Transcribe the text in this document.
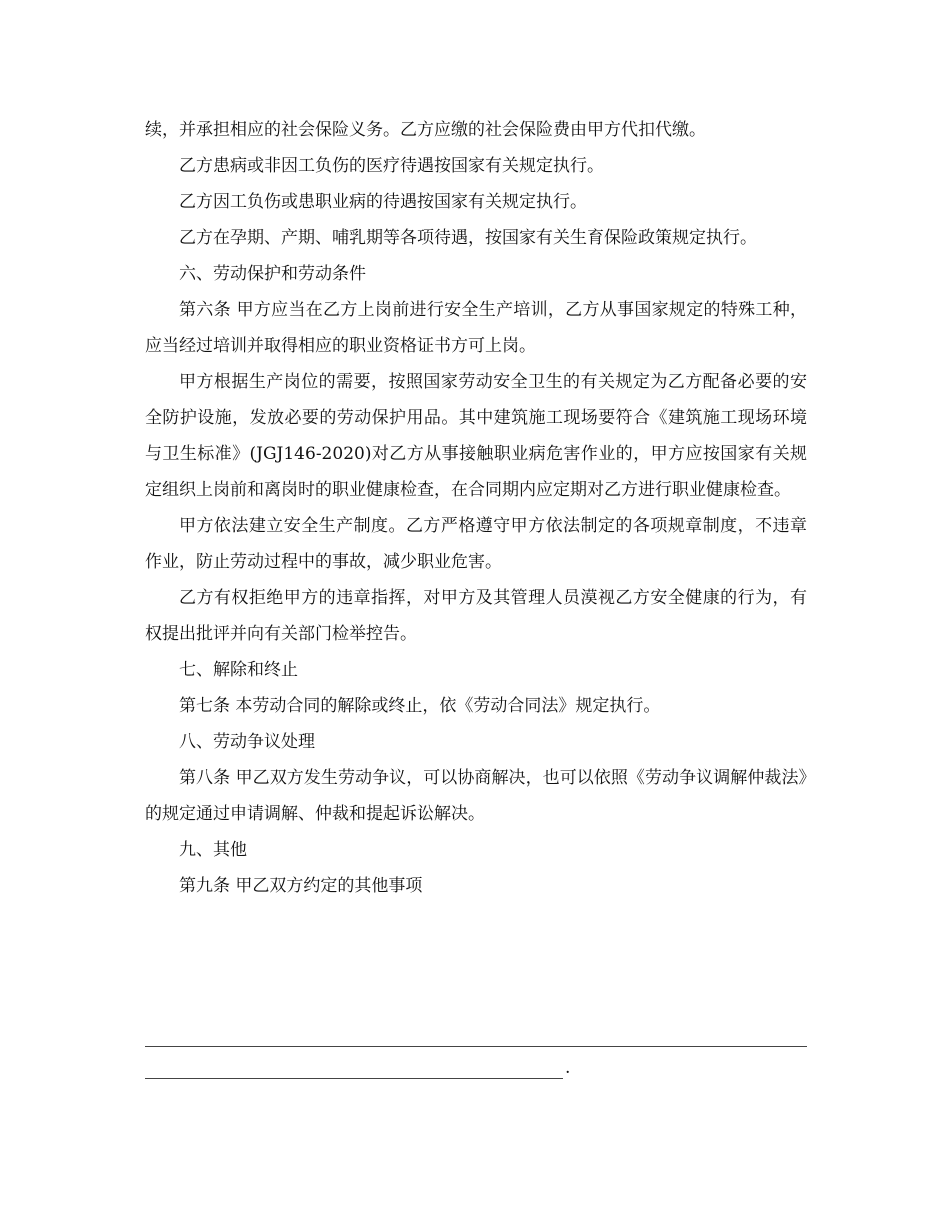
续，并承担相应的社会保险义务。乙方应缴的社会保险费由甲方代扣代缴。

乙方患病或非因工负伤的医疗待遇按国家有关规定执行。

乙方因工负伤或患职业病的待遇按国家有关规定执行。

乙方在孕期、产期、哺乳期等各项待遇，按国家有关生育保险政策规定执行。

六、劳动保护和劳动条件

第六条 甲方应当在乙方上岗前进行安全生产培训，乙方从事国家规定的特殊工种，应当经过培训并取得相应的职业资格证书方可上岗。

甲方根据生产岗位的需要，按照国家劳动安全卫生的有关规定为乙方配备必要的安全防护设施，发放必要的劳动保护用品。其中建筑施工现场要符合《建筑施工现场环境与卫生标准》(JGJ146-2020)对乙方从事接触职业病危害作业的，甲方应按国家有关规定组织上岗前和离岗时的职业健康检查，在合同期内应定期对乙方进行职业健康检查。

甲方依法建立安全生产制度。乙方严格遵守甲方依法制定的各项规章制度，不违章作业，防止劳动过程中的事故，减少职业危害。

乙方有权拒绝甲方的违章指挥，对甲方及其管理人员漠视乙方安全健康的行为，有权提出批评并向有关部门检举控告。

七、解除和终止

第七条 本劳动合同的解除或终止，依《劳动合同法》规定执行。

八、劳动争议处理

第八条 甲乙双方发生劳动争议，可以协商解决，也可以依照《劳动争议调解仲裁法》的规定通过申请调解、仲裁和提起诉讼解决。

九、其他

第九条 甲乙双方约定的其他事项

.
